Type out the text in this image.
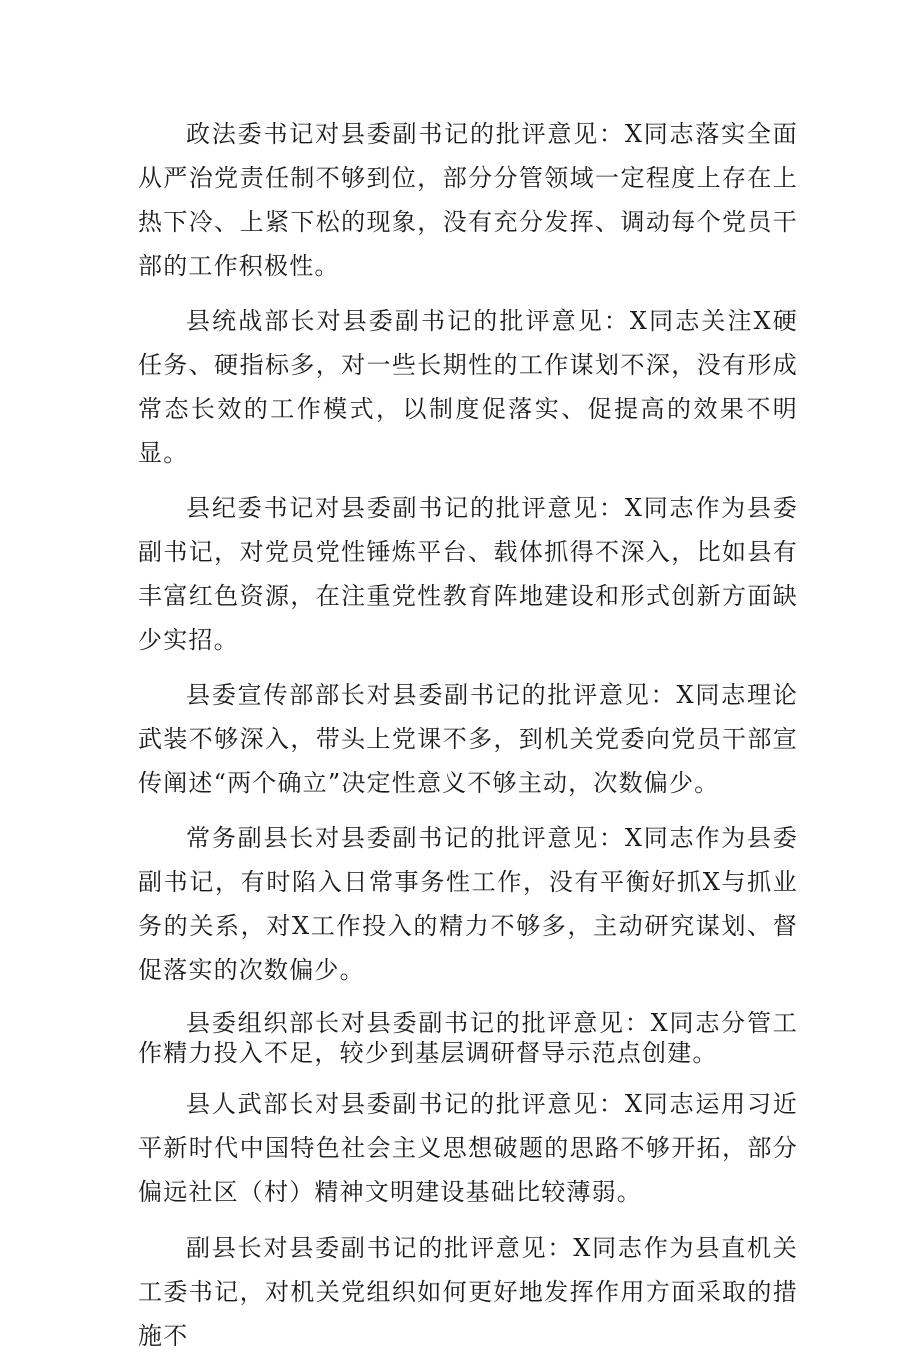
政法委书记对县委副书记的批评意见：X同志落实全面从严治党责任制不够到位，部分分管领域一定程度上存在上热下冷、上紧下松的现象，没有充分发挥、调动每个党员干部的工作积极性。

县统战部长对县委副书记的批评意见：X同志关注X硬任务、硬指标多，对一些长期性的工作谋划不深，没有形成常态长效的工作模式，以制度促落实、促提高的效果不明显。

县纪委书记对县委副书记的批评意见：X同志作为县委副书记，对党员党性锤炼平台、载体抓得不深入，比如县有丰富红色资源，在注重党性教育阵地建设和形式创新方面缺少实招。

县委宣传部部长对县委副书记的批评意见：X同志理论武装不够深入，带头上党课不多，到机关党委向党员干部宣传阐述“两个确立”决定性意义不够主动，次数偏少。

常务副县长对县委副书记的批评意见：X同志作为县委副书记，有时陷入日常事务性工作，没有平衡好抓X与抓业务的关系，对X工作投入的精力不够多，主动研究谋划、督促落实的次数偏少。

县委组织部长对县委副书记的批评意见：X同志分管工作精力投入不足，较少到基层调研督导示范点创建。

县人武部长对县委副书记的批评意见：X同志运用习近平新时代中国特色社会主义思想破题的思路不够开拓，部分偏远社区（村）精神文明建设基础比较薄弱。

副县长对县委副书记的批评意见：X同志作为县直机关工委书记，对机关党组织如何更好地发挥作用方面采取的措施不
